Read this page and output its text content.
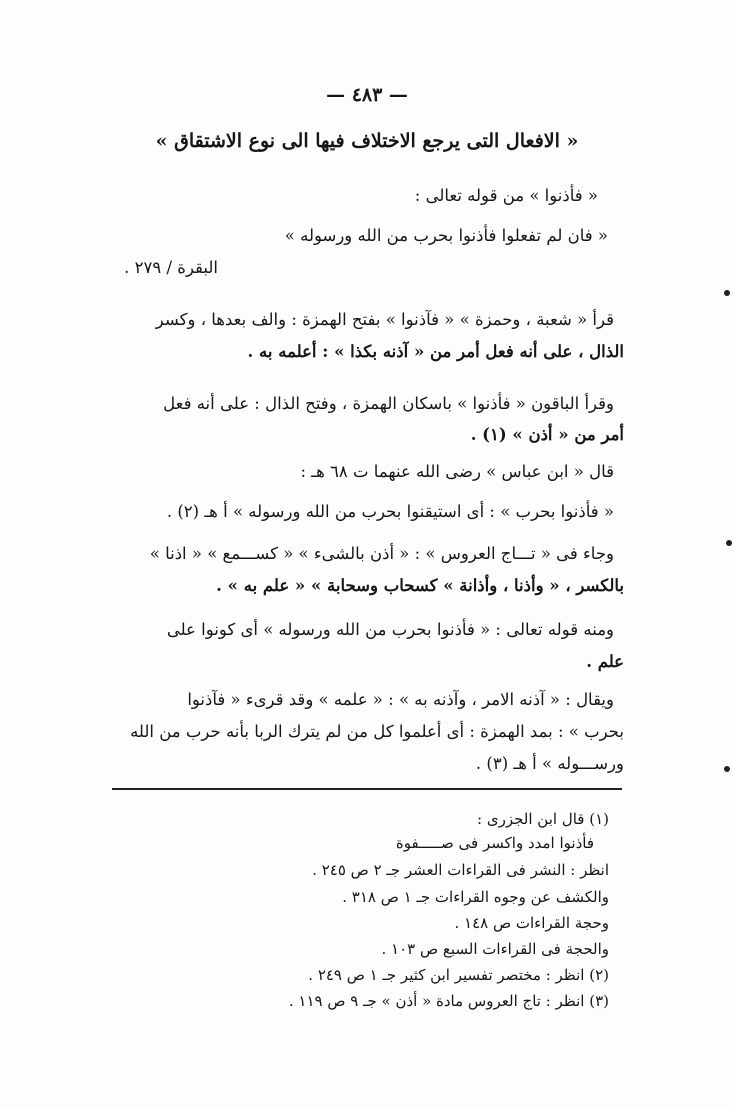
— ٤٨٣ —
« الافعال التى يرجع الاختلاف فيها الى نوع الاشتقاق »
« فأذنوا » من قوله تعالى :
« فان لم تفعلوا فأذنوا بحرب من الله ورسوله »
البقرة / ٢٧٩ .
قرأ « شعبة ، وحمزة » « فآذنوا » بفتح الهمزة : والف بعدها ، وكسر
الذال ، على أنه فعل أمر من « آذنه بكذا » : أعلمه به .
وقرأ الباقون « فأذنوا » باسكان الهمزة ، وفتح الذال : على أنه فعل
أمر من « أذن » (١) .
قال « ابن عباس » رضى الله عنهما ت ٦٨ هـ :
« فأذنوا بحرب » : أى استيقنوا بحرب من الله ورسوله » أ هـ (٢) .
وجاء فى « تـــاج العروس » : « أذن بالشىء » « كســـمع » « اذنا »
بالكسر ، « وأذنا ، وأذانة » كسحاب وسحابة » « علم به » .
ومنه قوله تعالى : « فأذنوا بحرب من الله ورسوله » أى كونوا على
علم .
ويقال : « آذنه الامر ، وآذنه به » : « علمه » وقد قرىء « فآذنوا
بحرب » : بمد الهمزة : أى أعلموا كل من لم يترك الربا بأنه حرب من الله
ورســـوله » أ هـ (٣) .
(١) قال ابن الجزرى :
فأذنوا امدد واكسر فى صـــــفوة
انظر : النشر فى القراءات العشر جـ ٢ ص ٢٤٥ .
والكشف عن وجوه القراءات جـ ١ ص ٣١٨ .
وحجة القراءات ص ١٤٨ .
والحجة فى القراءات السبع ص ١٠٣ .
(٢) انظر : مختصر تفسير ابن كثير جـ ١ ص ٢٤٩ .
(٣) انظر : تاج العروس مادة « أذن » جـ ٩ ص ١١٩ .
